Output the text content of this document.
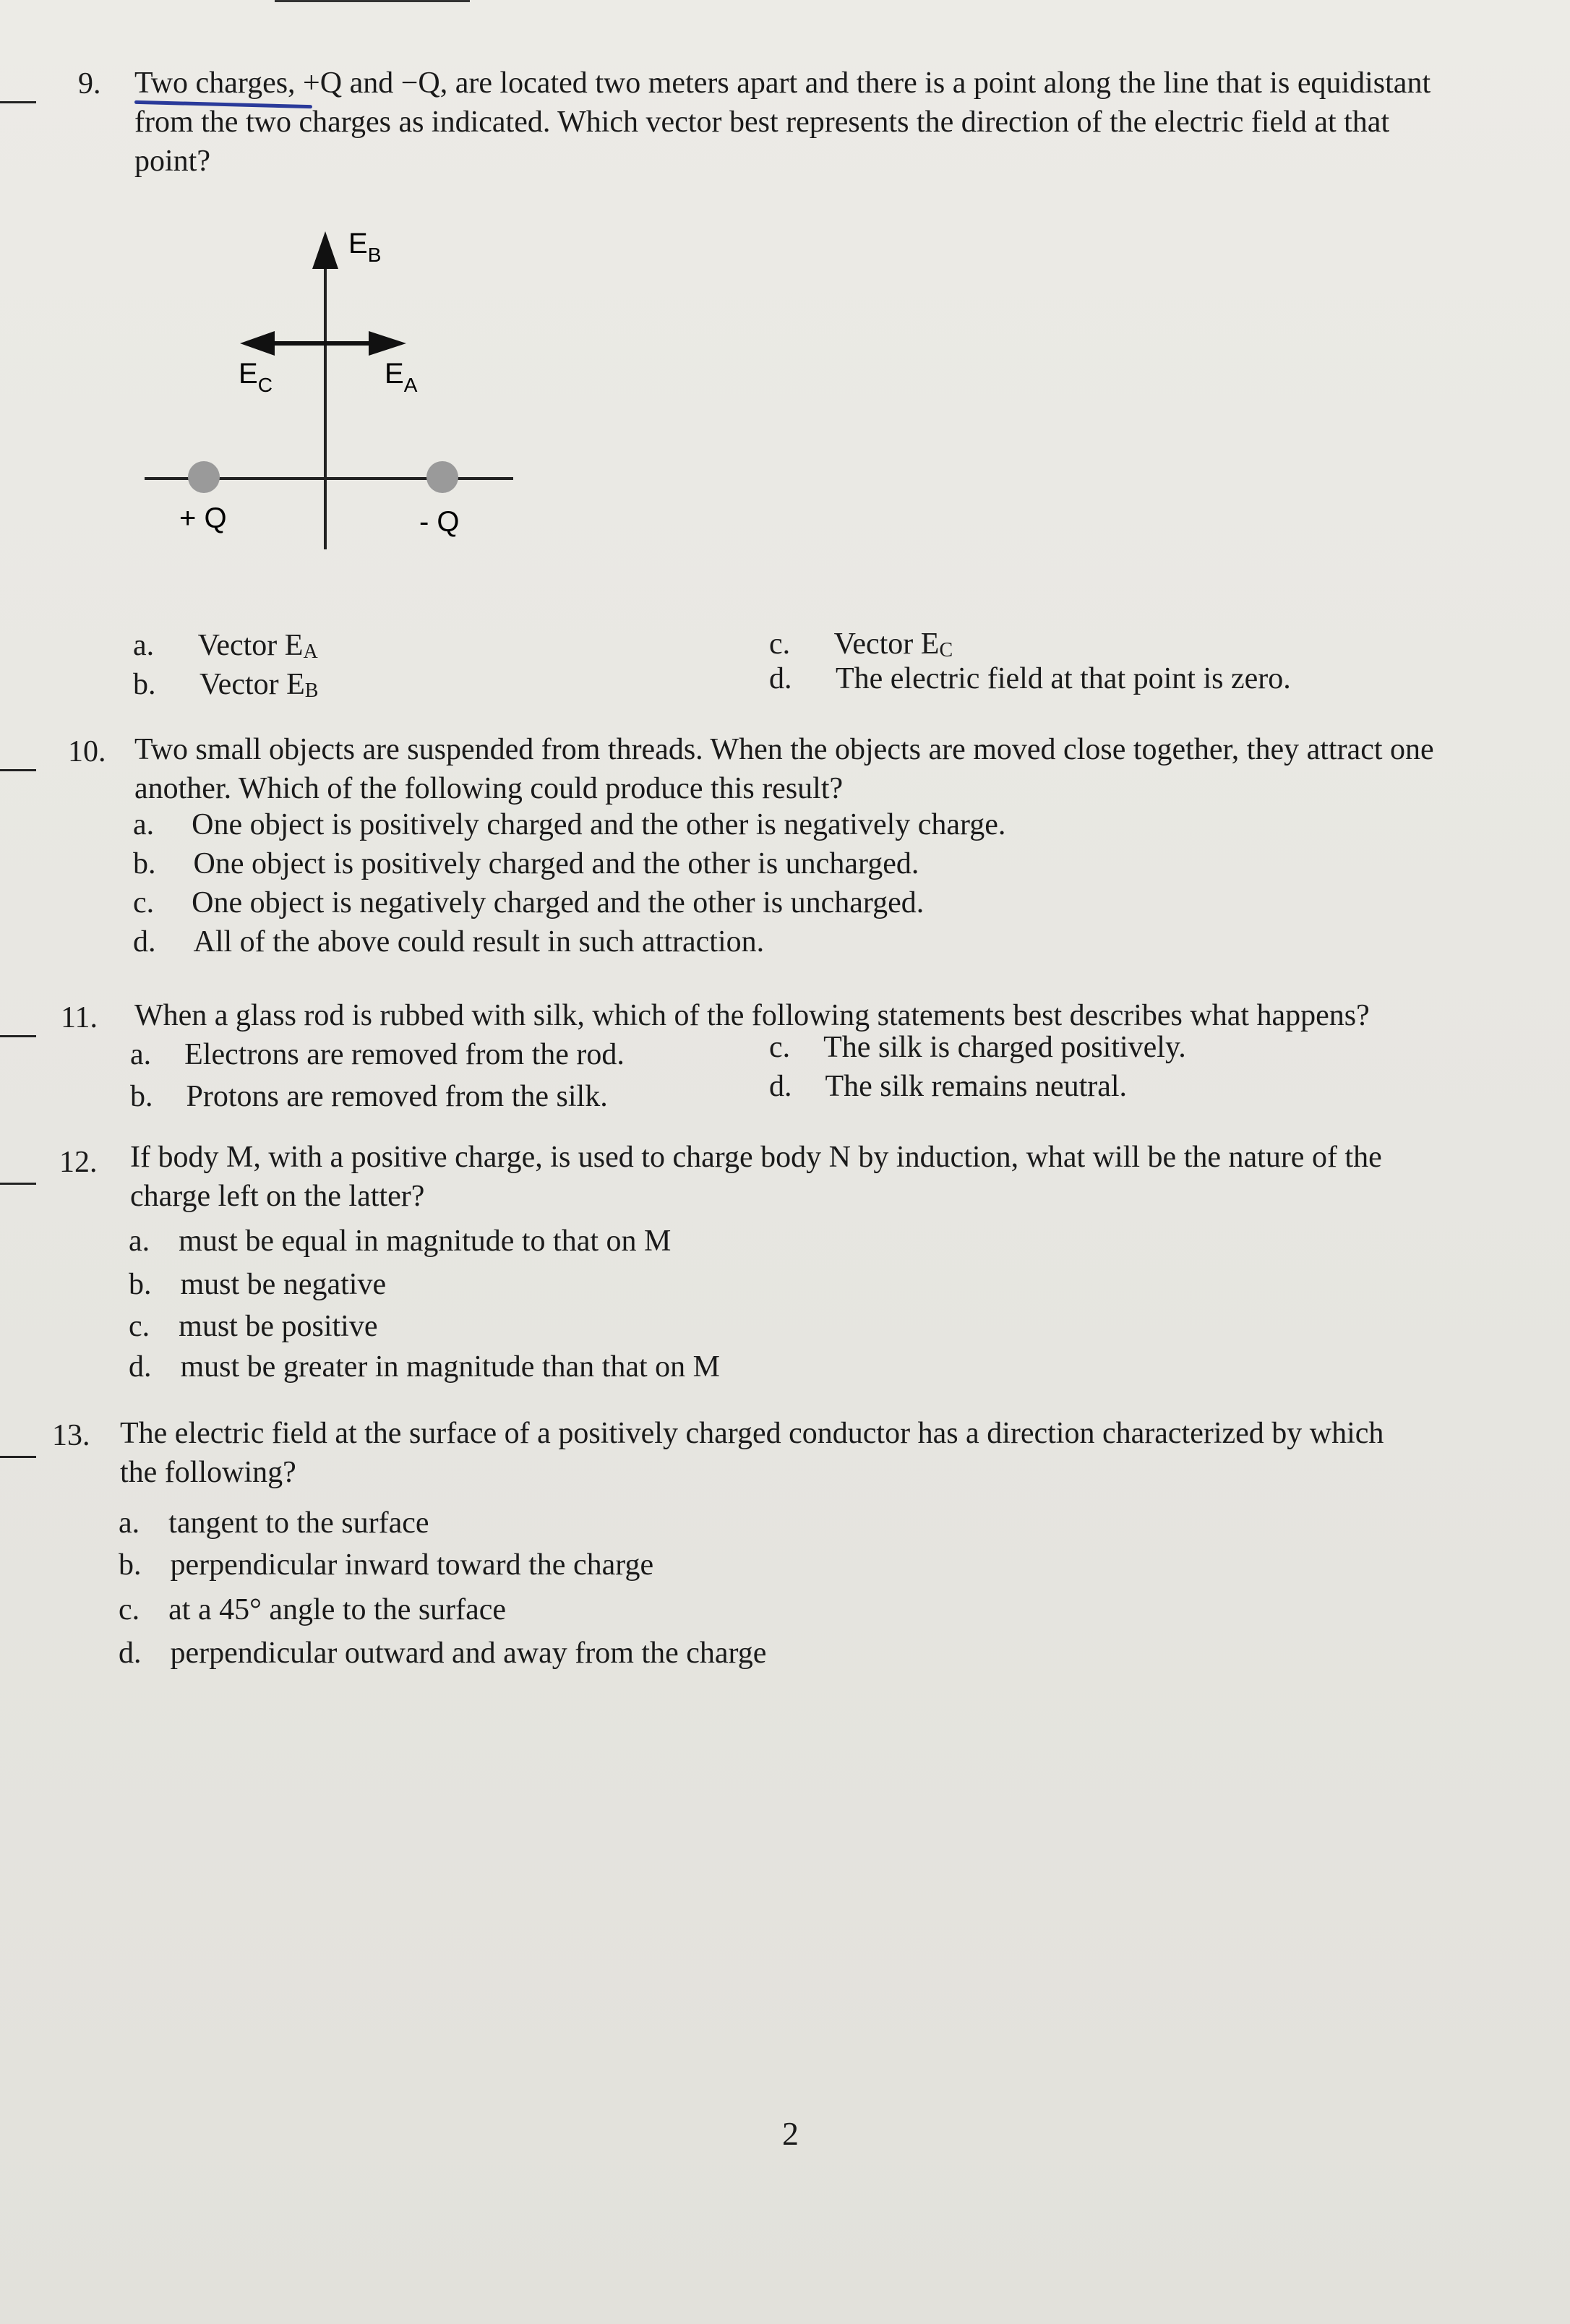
9. Two charges, +Q and −Q, are located two meters apart and there is a point along the line that is equidistant
from the two charges as indicated. Which vector best represents the direction of the electric field at that
point?
$E_B$
$E_C$	$E_A$
+ Q	- Q
a. Vector $E_A$
b. Vector $E_B$
c. Vector $E_C$
d. The electric field at that point is zero.
10. Two small objects are suspended from threads. When the objects are moved close together, they attract one
another. Which of the following could produce this result?
a. One object is positively charged and the other is negatively charge.
b. One object is positively charged and the other is uncharged.
c. One object is negatively charged and the other is uncharged.
d. All of the above could result in such attraction.
11. When a glass rod is rubbed with silk, which of the following statements best describes what happens?
a. Electrons are removed from the rod.
b. Protons are removed from the silk.
c. The silk is charged positively.
d. The silk remains neutral.
12. If body M, with a positive charge, is used to charge body N by induction, what will be the nature of the
charge left on the latter?
a. must be equal in magnitude to that on M
b. must be negative
c. must be positive
d. must be greater in magnitude than that on M
13. The electric field at the surface of a positively charged conductor has a direction characterized by which
the following?
a. tangent to the surface
b. perpendicular inward toward the charge
c. at a 45° angle to the surface
d. perpendicular outward and away from the charge
2
